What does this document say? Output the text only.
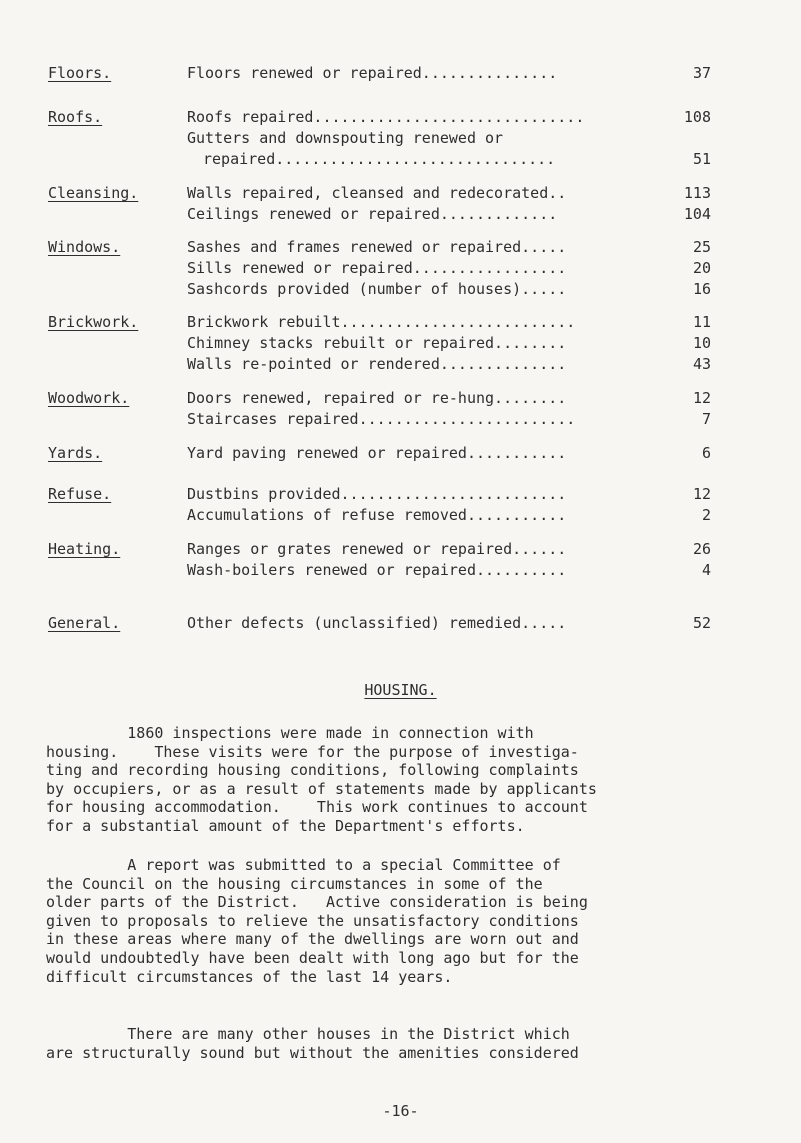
Floors.	Floors renewed or repaired...............	37
Roofs.	Roofs repaired..............................	108
Gutters and downspouting renewed or
repaired...............................	51
Cleansing.	Walls repaired, cleansed and redecorated..	113
Ceilings renewed or repaired.............	104
Windows.	Sashes and frames renewed or repaired.....	25
Sills renewed or repaired.................	20
Sashcords provided (number of houses).....	16
Brickwork.	Brickwork rebuilt..........................	11
Chimney stacks rebuilt or repaired........	10
Walls re-pointed or rendered..............	43
Woodwork.	Doors renewed, repaired or re-hung........	12
Staircases repaired........................	7
Yards.	Yard paving renewed or repaired...........	6
Refuse.	Dustbins provided.........................	12
Accumulations of refuse removed...........	2
Heating.	Ranges or grates renewed or repaired......	26
Wash-boilers renewed or repaired..........	4
General.	Other defects (unclassified) remedied.....	52
HOUSING.
1860 inspections were made in connection with
housing.    These visits were for the purpose of investiga-
ting and recording housing conditions, following complaints
by occupiers, or as a result of statements made by applicants
for housing accommodation.    This work continues to account
for a substantial amount of the Department's efforts.
A report was submitted to a special Committee of
the Council on the housing circumstances in some of the
older parts of the District.   Active consideration is being
given to proposals to relieve the unsatisfactory conditions
in these areas where many of the dwellings are worn out and
would undoubtedly have been dealt with long ago but for the
difficult circumstances of the last 14 years.
There are many other houses in the District which
are structurally sound but without the amenities considered
-16-
